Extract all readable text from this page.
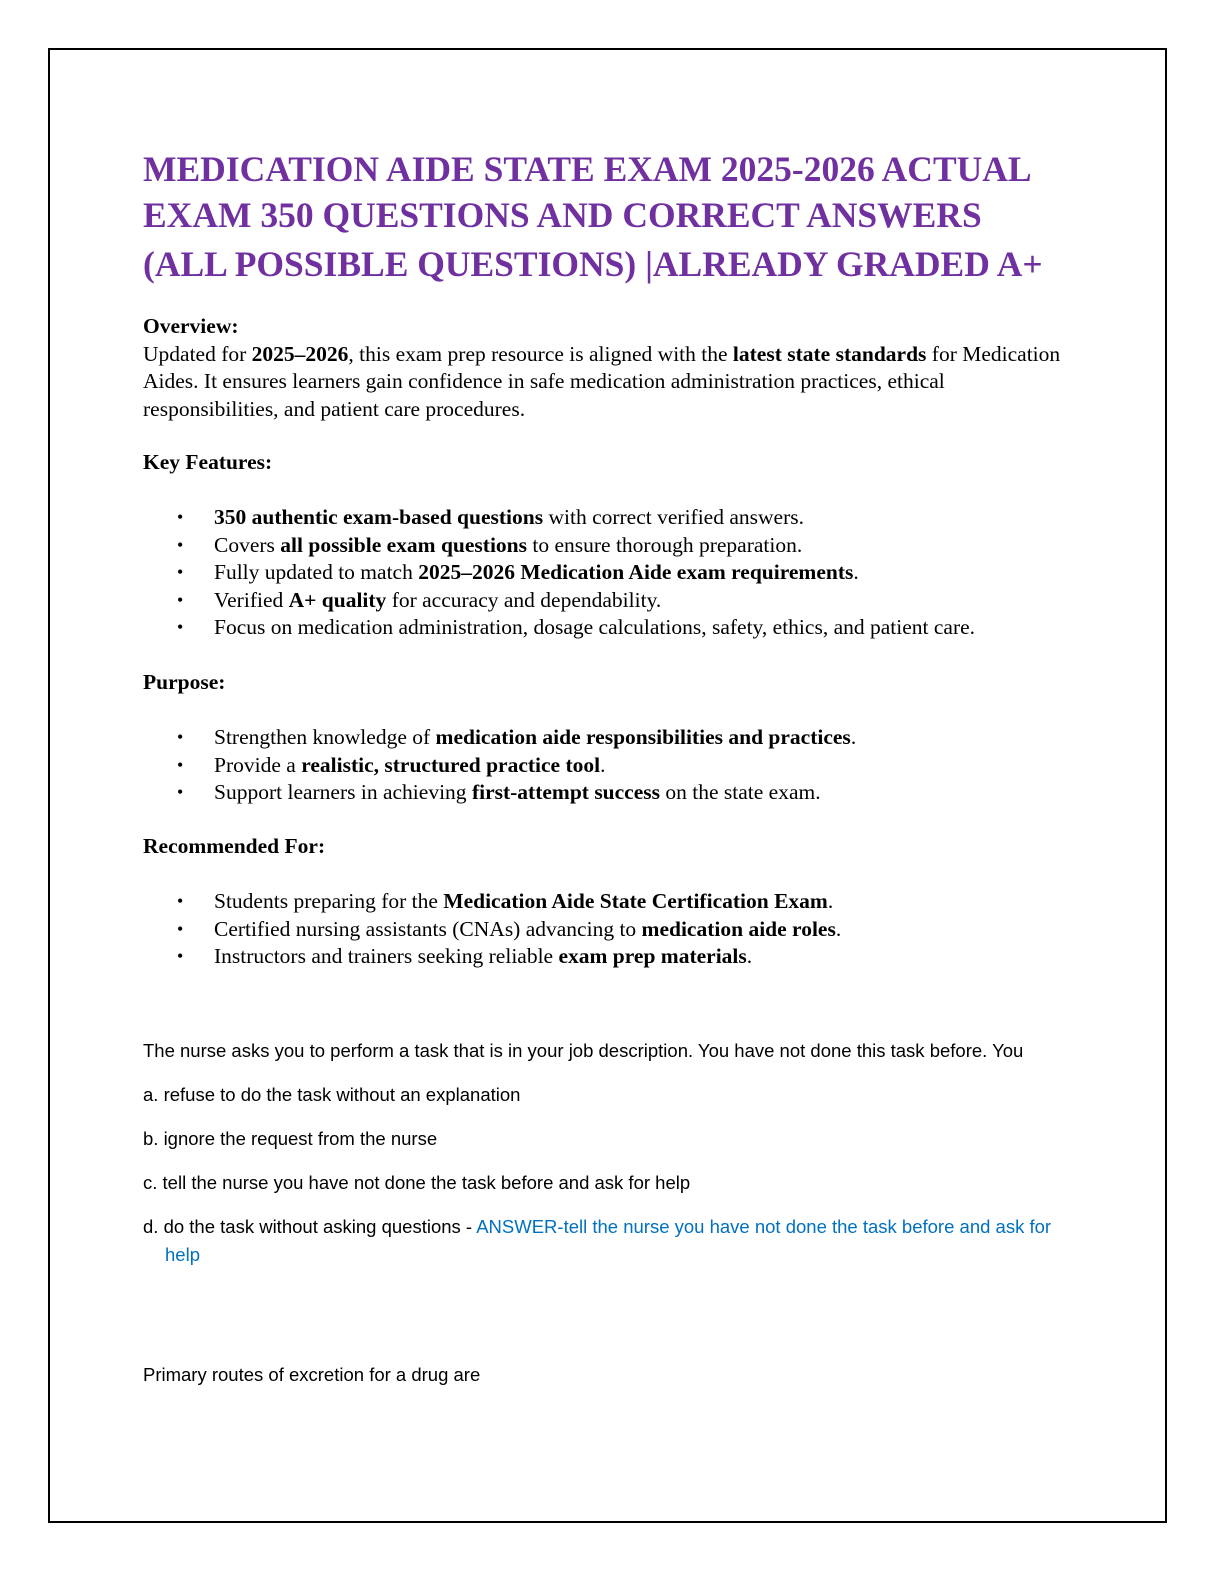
MEDICATION AIDE STATE EXAM 2025-2026 ACTUAL
EXAM 350 QUESTIONS AND CORRECT ANSWERS
(ALL POSSIBLE QUESTIONS) |ALREADY GRADED A+
Overview:
Updated for 2025–2026, this exam prep resource is aligned with the latest state standards for Medication Aides. It ensures learners gain confidence in safe medication administration practices, ethical responsibilities, and patient care procedures.
Key Features:
• 350 authentic exam-based questions with correct verified answers.
• Covers all possible exam questions to ensure thorough preparation.
• Fully updated to match 2025–2026 Medication Aide exam requirements.
• Verified A+ quality for accuracy and dependability.
• Focus on medication administration, dosage calculations, safety, ethics, and patient care.
Purpose:
• Strengthen knowledge of medication aide responsibilities and practices.
• Provide a realistic, structured practice tool.
• Support learners in achieving first-attempt success on the state exam.
Recommended For:
• Students preparing for the Medication Aide State Certification Exam.
• Certified nursing assistants (CNAs) advancing to medication aide roles.
• Instructors and trainers seeking reliable exam prep materials.
The nurse asks you to perform a task that is in your job description. You have not done this task before. You
a. refuse to do the task without an explanation
b. ignore the request from the nurse
c. tell the nurse you have not done the task before and ask for help
d. do the task without asking questions - ANSWER-tell the nurse you have not done the task before and ask for help
Primary routes of excretion for a drug are
